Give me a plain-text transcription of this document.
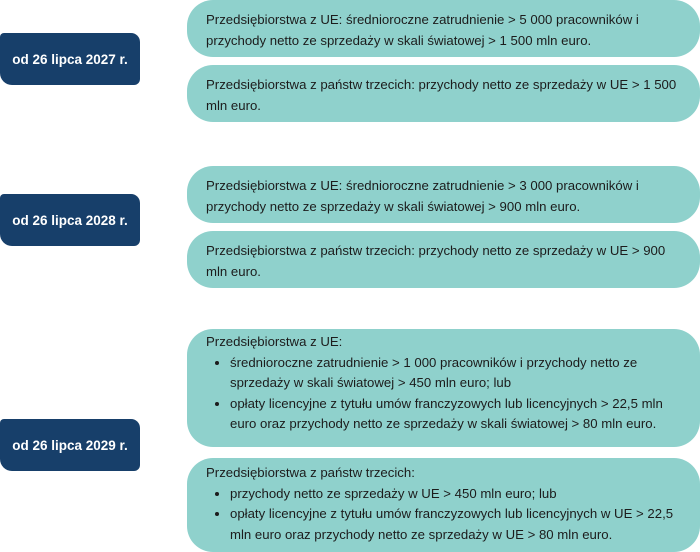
od 26 lipca 2027 r.

Przedsiębiorstwa z UE: średnioroczne zatrudnienie > 5 000 pracowników i przychody netto ze sprzedaży w skali światowej > 1 500 mln euro.

Przedsiębiorstwa z państw trzecich: przychody netto ze sprzedaży w UE > 1 500 mln euro.

od 26 lipca 2028 r.

Przedsiębiorstwa z UE: średnioroczne zatrudnienie > 3 000 pracowników i przychody netto ze sprzedaży w skali światowej > 900 mln euro.

Przedsiębiorstwa z państw trzecich: przychody netto ze sprzedaży w UE > 900 mln euro.

od 26 lipca 2029 r.

Przedsiębiorstwa z UE:

• średnioroczne zatrudnienie > 1 000 pracowników i przychody netto ze sprzedaży w skali światowej > 450 mln euro; lub
• opłaty licencyjne z tytułu umów franczyzowych lub licencyjnych > 22,5 mln euro oraz przychody netto ze sprzedaży w skali światowej > 80 mln euro.

Przedsiębiorstwa z państw trzecich:

• przychody netto ze sprzedaży w UE > 450 mln euro; lub
• opłaty licencyjne z tytułu umów franczyzowych lub licencyjnych w UE > 22,5 mln euro oraz przychody netto ze sprzedaży w UE > 80 mln euro.
